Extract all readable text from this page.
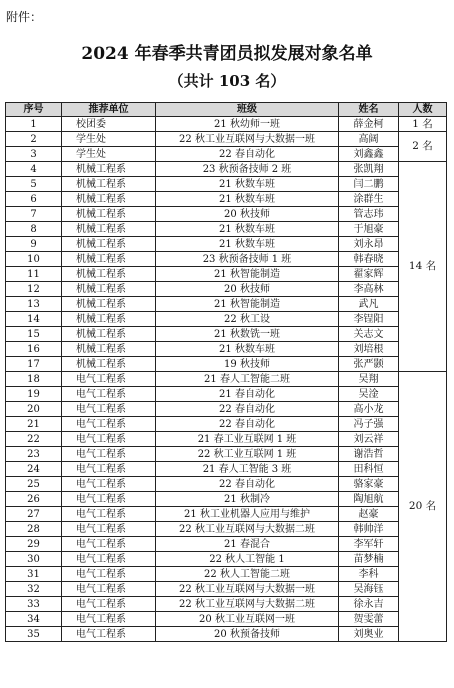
附件：
2024 年春季共青团员拟发展对象名单
（共计 103 名）
序号	推荐单位	班级	姓名	人数
1	校团委	21 秋幼师一班	薛金柯	1 名
2	学生处	22 秋工业互联网与大数据一班	高阔	2 名
3	学生处	22 春自动化	刘鑫鑫	
4	机械工程系	23 秋预备技师 2 班	张凯翔	14 名
5	机械工程系	21 秋数车班	闫二鹏	
6	机械工程系	21 秋数车班	涂群生	
7	机械工程系	20 秋技师	管志玮	
8	机械工程系	21 秋数车班	于旭豪	
9	机械工程系	21 秋数车班	刘永昂	
10	机械工程系	23 秋预备技师 1 班	韩春晓	
11	机械工程系	21 秋智能制造	翟家辉	
12	机械工程系	20 秋技师	李高林	
13	机械工程系	21 秋智能制造	武凡	
14	机械工程系	22 秋工设	李锃阳	
15	机械工程系	21 秋数铣一班	关志文	
16	机械工程系	21 秋数车班	刘培根	
17	机械工程系	19 秋技师	张严颢	
18	电气工程系	21 春人工智能二班	吴翔	20 名
19	电气工程系	21 春自动化	吴淦	
20	电气工程系	22 春自动化	高小龙	
21	电气工程系	22 春自动化	冯子强	
22	电气工程系	21 春工业互联网 1 班	刘云祥	
23	电气工程系	22 秋工业互联网 1 班	谢浩哲	
24	电气工程系	21 春人工智能 3 班	田科恒	
25	电气工程系	22 春自动化	骆家豪	
26	电气工程系	21 秋制冷	陶旭航	
27	电气工程系	21 秋工业机器人应用与维护	赵豪	
28	电气工程系	22 秋工业互联网与大数据二班	韩帅洋	
29	电气工程系	21 春混合	李军轩	
30	电气工程系	22 秋人工智能 1	苗梦楠	
31	电气工程系	22 秋人工智能二班	李科	
32	电气工程系	22 秋工业互联网与大数据一班	吴海钰	
33	电气工程系	22 秋工业互联网与大数据二班	徐永吉	
34	电气工程系	20 秋工业互联网一班	贺雯蕾	
35	电气工程系	20 秋预备技师	刘奥业	
